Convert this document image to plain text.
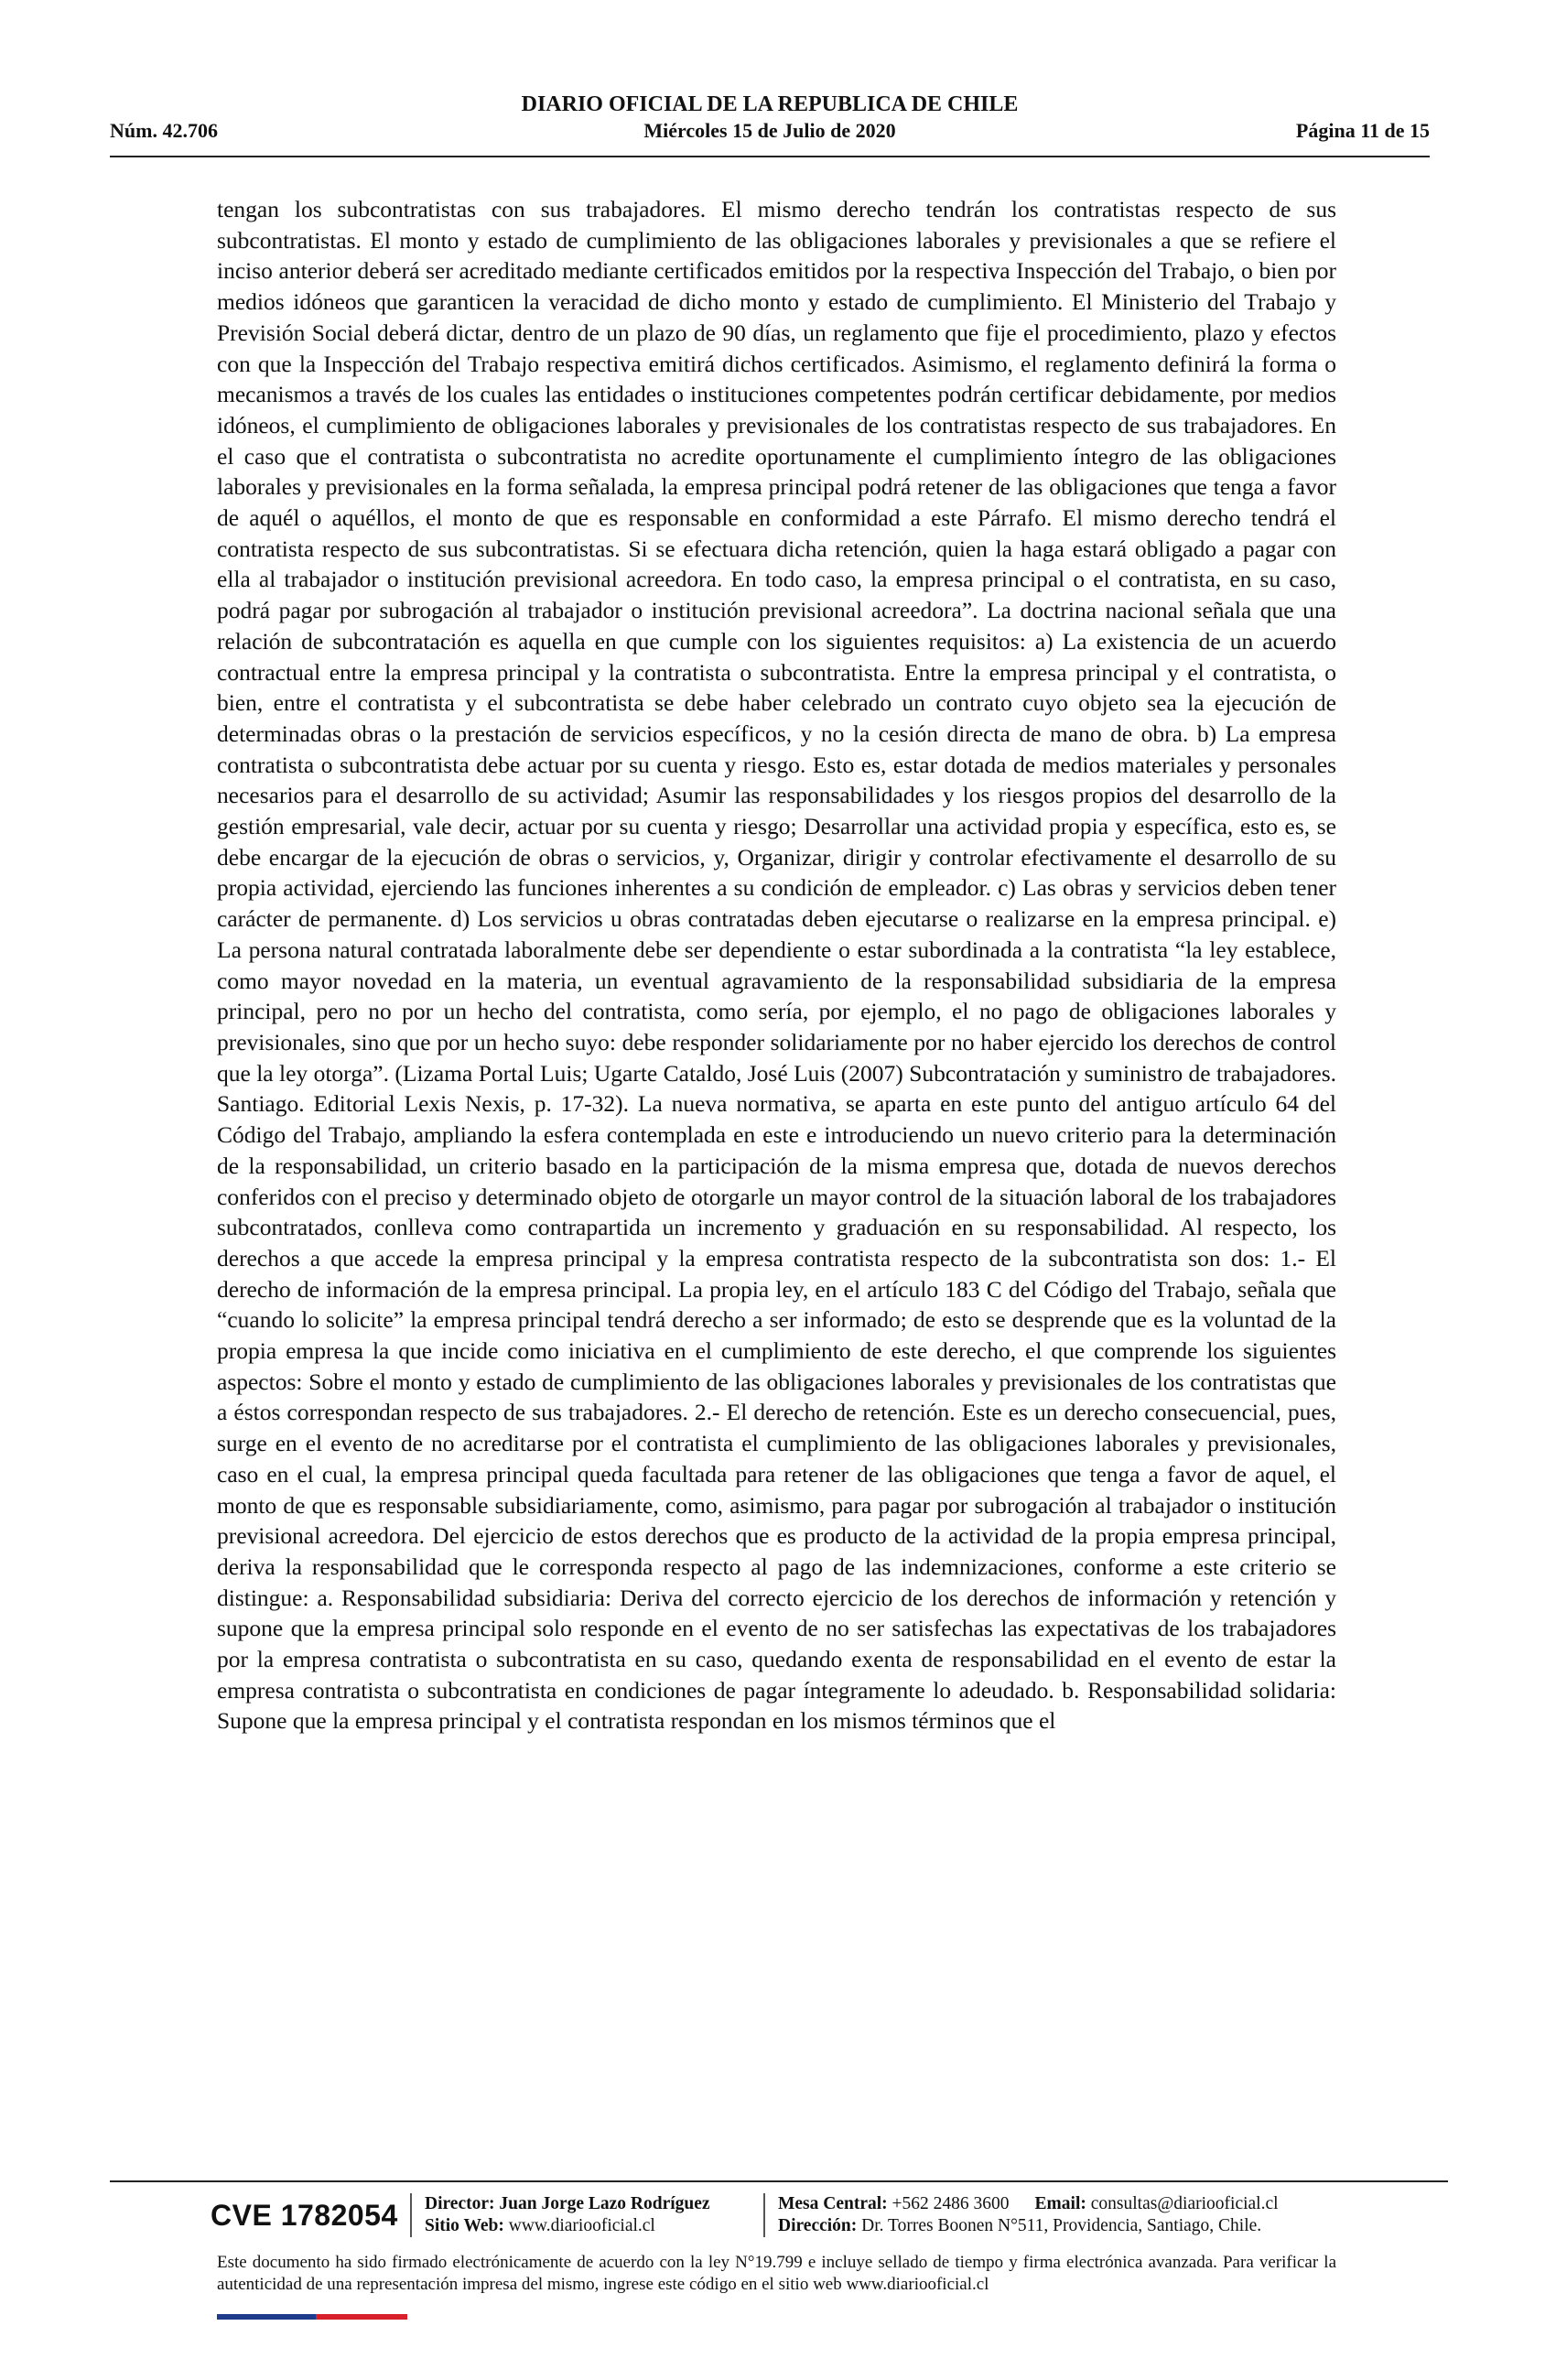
DIARIO OFICIAL DE LA REPUBLICA DE CHILE
Núm. 42.706	Miércoles 15 de Julio de 2020	Página 11 de 15
tengan los subcontratistas con sus trabajadores. El mismo derecho tendrán los contratistas respecto de sus subcontratistas. El monto y estado de cumplimiento de las obligaciones laborales y previsionales a que se refiere el inciso anterior deberá ser acreditado mediante certificados emitidos por la respectiva Inspección del Trabajo, o bien por medios idóneos que garanticen la veracidad de dicho monto y estado de cumplimiento. El Ministerio del Trabajo y Previsión Social deberá dictar, dentro de un plazo de 90 días, un reglamento que fije el procedimiento, plazo y efectos con que la Inspección del Trabajo respectiva emitirá dichos certificados. Asimismo, el reglamento definirá la forma o mecanismos a través de los cuales las entidades o instituciones competentes podrán certificar debidamente, por medios idóneos, el cumplimiento de obligaciones laborales y previsionales de los contratistas respecto de sus trabajadores. En el caso que el contratista o subcontratista no acredite oportunamente el cumplimiento íntegro de las obligaciones laborales y previsionales en la forma señalada, la empresa principal podrá retener de las obligaciones que tenga a favor de aquél o aquéllos, el monto de que es responsable en conformidad a este Párrafo. El mismo derecho tendrá el contratista respecto de sus subcontratistas. Si se efectuara dicha retención, quien la haga estará obligado a pagar con ella al trabajador o institución previsional acreedora. En todo caso, la empresa principal o el contratista, en su caso, podrá pagar por subrogación al trabajador o institución previsional acreedora”. La doctrina nacional señala que una relación de subcontratación es aquella en que cumple con los siguientes requisitos: a) La existencia de un acuerdo contractual entre la empresa principal y la contratista o subcontratista. Entre la empresa principal y el contratista, o bien, entre el contratista y el subcontratista se debe haber celebrado un contrato cuyo objeto sea la ejecución de determinadas obras o la prestación de servicios específicos, y no la cesión directa de mano de obra. b) La empresa contratista o subcontratista debe actuar por su cuenta y riesgo. Esto es, estar dotada de medios materiales y personales necesarios para el desarrollo de su actividad; Asumir las responsabilidades y los riesgos propios del desarrollo de la gestión empresarial, vale decir, actuar por su cuenta y riesgo; Desarrollar una actividad propia y específica, esto es, se debe encargar de la ejecución de obras o servicios, y, Organizar, dirigir y controlar efectivamente el desarrollo de su propia actividad, ejerciendo las funciones inherentes a su condición de empleador. c) Las obras y servicios deben tener carácter de permanente. d) Los servicios u obras contratadas deben ejecutarse o realizarse en la empresa principal. e) La persona natural contratada laboralmente debe ser dependiente o estar subordinada a la contratista “la ley establece, como mayor novedad en la materia, un eventual agravamiento de la responsabilidad subsidiaria de la empresa principal, pero no por un hecho del contratista, como sería, por ejemplo, el no pago de obligaciones laborales y previsionales, sino que por un hecho suyo: debe responder solidariamente por no haber ejercido los derechos de control que la ley otorga”. (Lizama Portal Luis; Ugarte Cataldo, José Luis (2007) Subcontratación y suministro de trabajadores. Santiago. Editorial Lexis Nexis, p. 17-32). La nueva normativa, se aparta en este punto del antiguo artículo 64 del Código del Trabajo, ampliando la esfera contemplada en este e introduciendo un nuevo criterio para la determinación de la responsabilidad, un criterio basado en la participación de la misma empresa que, dotada de nuevos derechos conferidos con el preciso y determinado objeto de otorgarle un mayor control de la situación laboral de los trabajadores subcontratados, conlleva como contrapartida un incremento y graduación en su responsabilidad. Al respecto, los derechos a que accede la empresa principal y la empresa contratista respecto de la subcontratista son dos: 1.- El derecho de información de la empresa principal. La propia ley, en el artículo 183 C del Código del Trabajo, señala que “cuando lo solicite” la empresa principal tendrá derecho a ser informado; de esto se desprende que es la voluntad de la propia empresa la que incide como iniciativa en el cumplimiento de este derecho, el que comprende los siguientes aspectos: Sobre el monto y estado de cumplimiento de las obligaciones laborales y previsionales de los contratistas que a éstos correspondan respecto de sus trabajadores. 2.- El derecho de retención. Este es un derecho consecuencial, pues, surge en el evento de no acreditarse por el contratista el cumplimiento de las obligaciones laborales y previsionales, caso en el cual, la empresa principal queda facultada para retener de las obligaciones que tenga a favor de aquel, el monto de que es responsable subsidiariamente, como, asimismo, para pagar por subrogación al trabajador o institución previsional acreedora. Del ejercicio de estos derechos que es producto de la actividad de la propia empresa principal, deriva la responsabilidad que le corresponda respecto al pago de las indemnizaciones, conforme a este criterio se distingue: a. Responsabilidad subsidiaria: Deriva del correcto ejercicio de los derechos de información y retención y supone que la empresa principal solo responde en el evento de no ser satisfechas las expectativas de los trabajadores por la empresa contratista o subcontratista en su caso, quedando exenta de responsabilidad en el evento de estar la empresa contratista o subcontratista en condiciones de pagar íntegramente lo adeudado. b. Responsabilidad solidaria: Supone que la empresa principal y el contratista respondan en los mismos términos que el
CVE 1782054 Director: Juan Jorge Lazo Rodríguez
Sitio Web: www.diariooficial.cl
Mesa Central: +562 2486 3600 Email: consultas@diariooficial.cl
Dirección: Dr. Torres Boonen N°511, Providencia, Santiago, Chile.
Este documento ha sido firmado electrónicamente de acuerdo con la ley N°19.799 e incluye sellado de tiempo y firma electrónica avanzada. Para verificar la autenticidad de una representación impresa del mismo, ingrese este código en el sitio web www.diariooficial.cl
